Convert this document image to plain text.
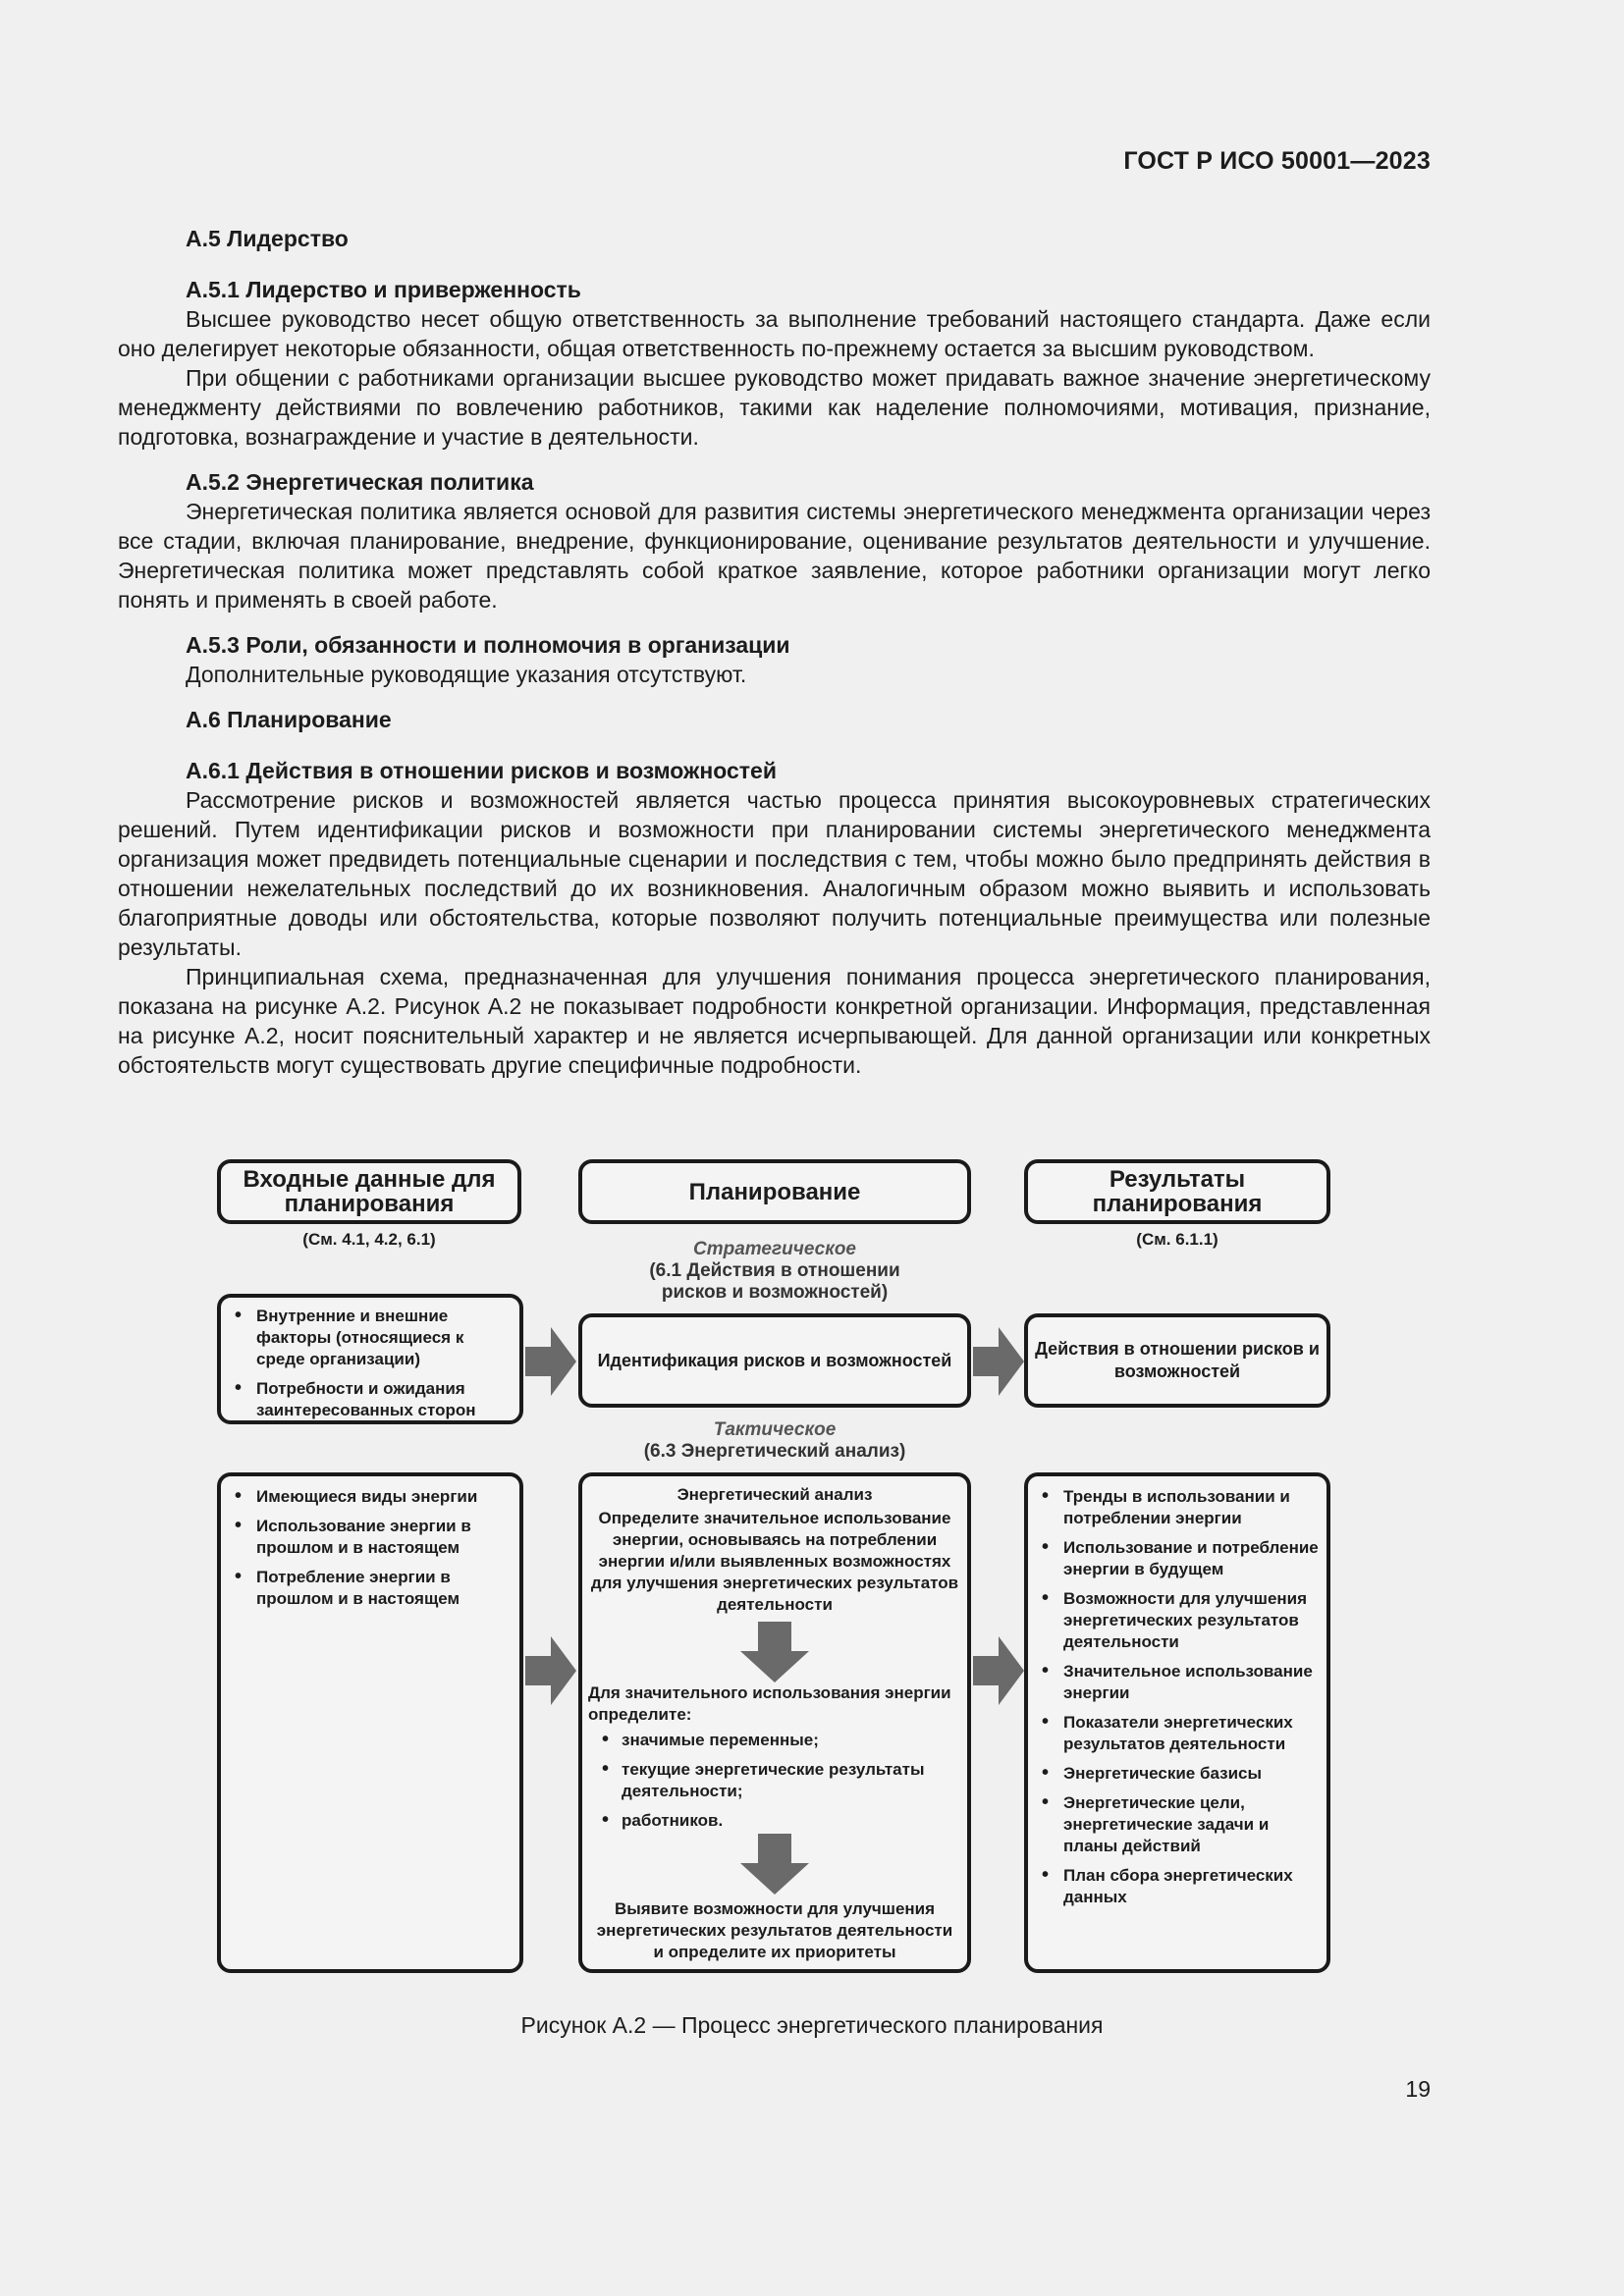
ГОСТ Р ИСО 50001—2023
А.5 Лидерство
А.5.1 Лидерство и приверженность

Высшее руководство несет общую ответственность за выполнение требований настоящего стандарта. Даже если оно делегирует некоторые обязанности, общая ответственность по-прежнему остается за высшим руководством.

При общении с работниками организации высшее руководство может придавать важное значение энергетическому менеджменту действиями по вовлечению работников, такими как наделение полномочиями, мотивация, признание, подготовка, вознаграждение и участие в деятельности.

А.5.2 Энергетическая политика

Энергетическая политика является основой для развития системы энергетического менеджмента организации через все стадии, включая планирование, внедрение, функционирование, оценивание результатов деятельности и улучшение. Энергетическая политика может представлять собой краткое заявление, которое работники организации могут легко понять и применять в своей работе.

А.5.3 Роли, обязанности и полномочия в организации

Дополнительные руководящие указания отсутствуют.

А.6 Планирование
А.6.1 Действия в отношении рисков и возможностей

Рассмотрение рисков и возможностей является частью процесса принятия высокоуровневых стратегических решений. Путем идентификации рисков и возможности при планировании системы энергетического менеджмента организация может предвидеть потенциальные сценарии и последствия с тем, чтобы можно было предпринять действия в отношении нежелательных последствий до их возникновения. Аналогичным образом можно выявить и использовать благоприятные доводы или обстоятельства, которые позволяют получить потенциальные преимущества или полезные результаты.

Принципиальная схема, предназначенная для улучшения понимания процесса энергетического планирования, показана на рисунке А.2. Рисунок А.2 не показывает подробности конкретной организации. Информация, представленная на рисунке А.2, носит пояснительный характер и не является исчерпывающей. Для данной организации или конкретных обстоятельств могут существовать другие специфичные подробности.

Входные данные для планирования
(См. 4.1, 4.2, 6.1)
Планирование	Результаты планирования
(См. 6.1.1)
Стратегическое
(6.1 Действия в отношении рисков и возможностей)
• Внутренние и внешние факторы (относящиеся к среде организации)
• Потребности и ожидания заинтересованных сторон
Идентификация рисков и возможностей
Действия в отношении рисков и возможностей
Тактическое
(6.3 Энергетический анализ)
• Имеющиеся виды энергии
• Использование энергии в прошлом и в настоящем
• Потребление энергии в прошлом и в настоящем
Энергетический анализ
Определите значительное использование энергии, основываясь на потреблении энергии и/или выявленных возможностях для улучшения энергетических результатов деятельности
Для значительного использования энергии определите:
• значимые переменные;
• текущие энергетические результаты деятельности;
• работников.
Выявите возможности для улучшения энергетических результатов деятельности и определите их приоритеты
• Тренды в использовании и потреблении энергии
• Использование и потребление энергии в будущем
• Возможности для улучшения энергетических результатов деятельности
• Значительное использование энергии
• Показатели энергетических результатов деятельности
• Энергетические базисы
• Энергетические цели, энергетические задачи и планы действий
• План сбора энергетических данных
Рисунок А.2 — Процесс энергетического планирования
19
